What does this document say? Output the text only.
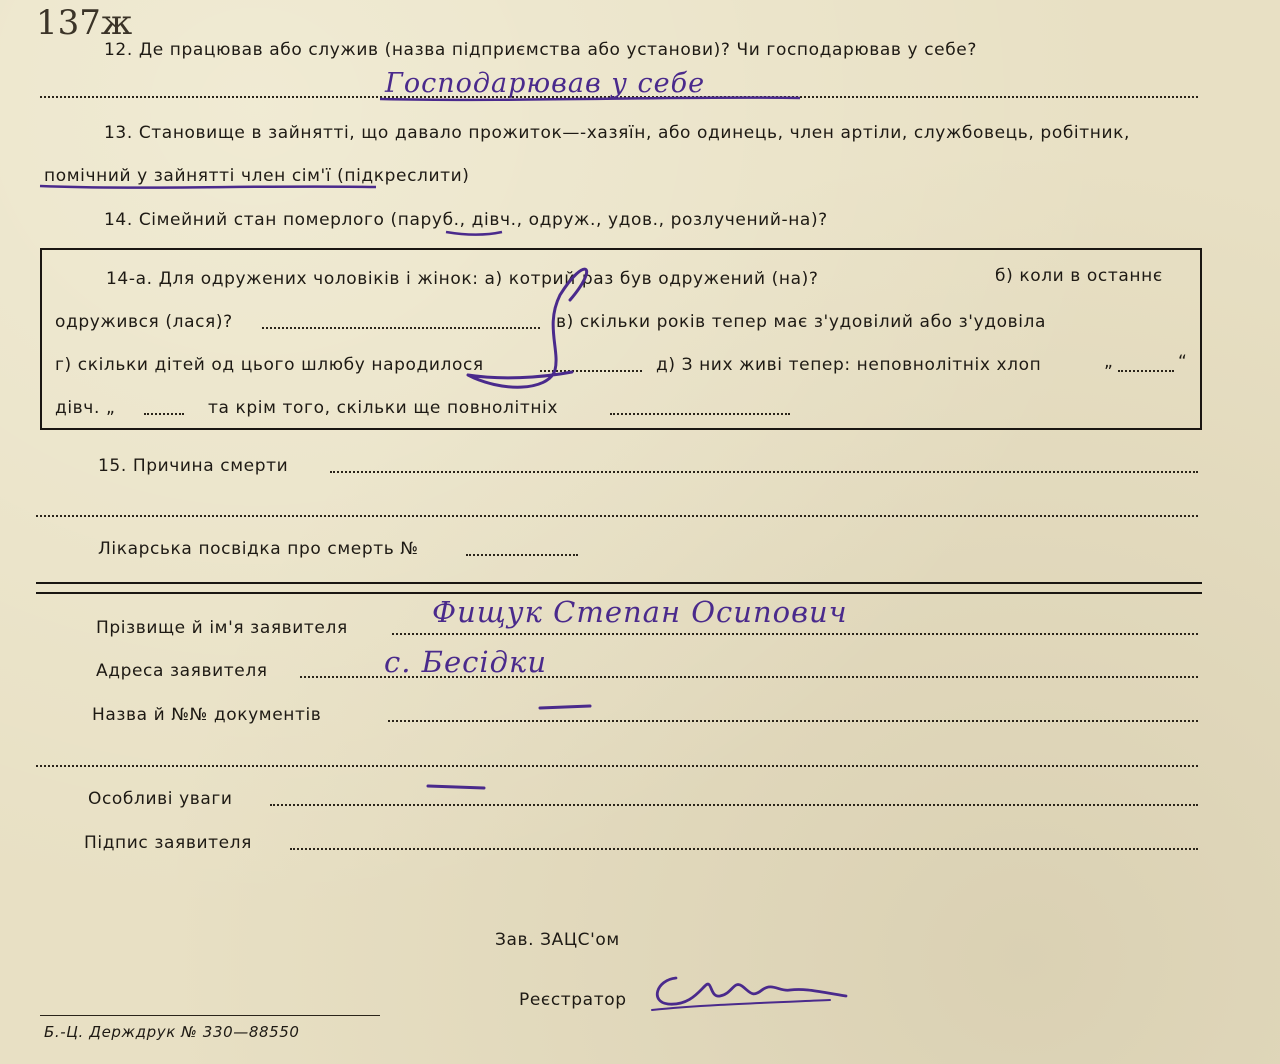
137ж
12. Де працював або служив (назва підприємства або установи)? Чи господарював у себе?
Господарював у себе
13. Становище в зайнятті, що давало прожиток—-хазяїн, або одинець, член артіли, службовець, робітник,
помічний у зайнятті член сім'ї (підкреслити)
14. Сімейний стан померлого (паруб., дівч., одруж., удов., розлучений-на)?
14-а. Для одружених чоловіків і жінок: а) котрий раз був одружений (на)?	б) коли в останнє
одружився (лася)?	в) скільки років тепер має з'удовілий або з'удовіла
г) скільки дітей од цього шлюбу народилося	д) З них живі тепер: неповнолітніх хлоп	„	“
дівч. „	та крім того, скільки ще повнолітніх
15. Причина смерти
Лікарська посвідка про смерть №
Прізвище й ім'я заявителя	Фищук Степан Осипович
Адреса заявителя	с. Бесідки
Назва й №№ документів
Особливі уваги
Підпис заявителя
Зав. ЗАЦС'ом
Реєстратор
Б.-Ц. Держдрук № 330—88550
